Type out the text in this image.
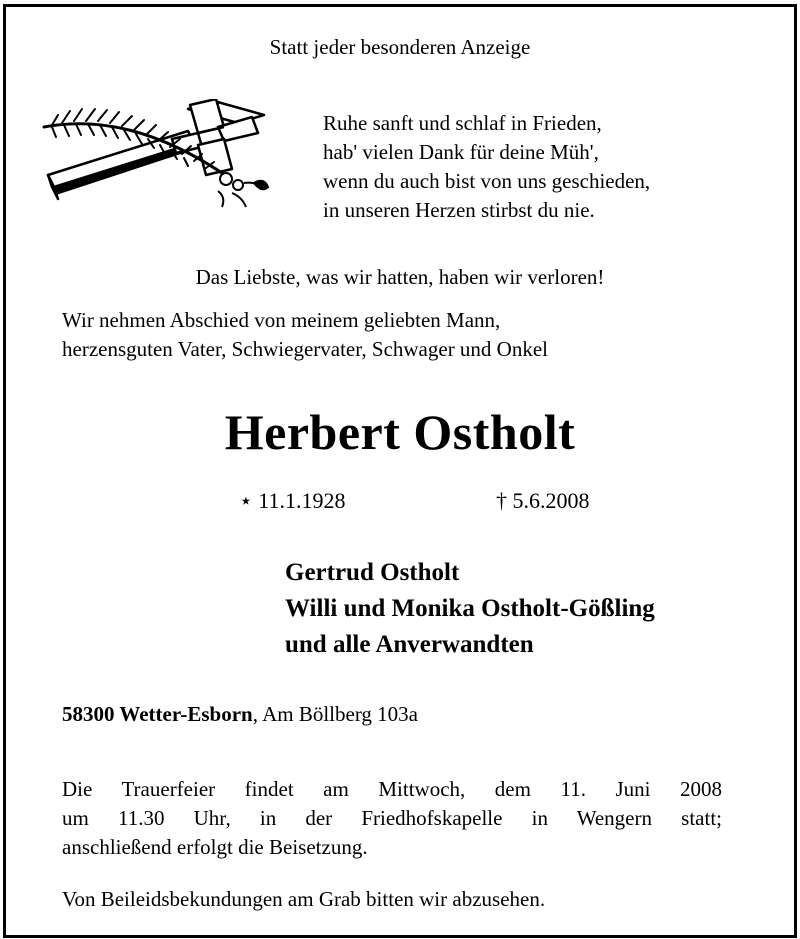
Statt jeder besonderen Anzeige
Ruhe sanft und schlaf in Frieden,
hab' vielen Dank für deine Müh',
wenn du auch bist von uns geschieden,
in unseren Herzen stirbst du nie.
Das Liebste, was wir hatten, haben wir verloren!
Wir nehmen Abschied von meinem geliebten Mann,
herzensguten Vater, Schwiegervater, Schwager und Onkel
Herbert Ostholt
⋆ 11.1.1928	† 5.6.2008
Gertrud Ostholt
Willi und Monika Ostholt-Gößling
und alle Anverwandten
58300 Wetter-Esborn, Am Böllberg 103a
Die Trauerfeier findet am Mittwoch, dem 11. Juni 2008
um 11.30 Uhr, in der Friedhofskapelle in Wengern statt;
anschließend erfolgt die Beisetzung.
Von Beileidsbekundungen am Grab bitten wir abzusehen.
